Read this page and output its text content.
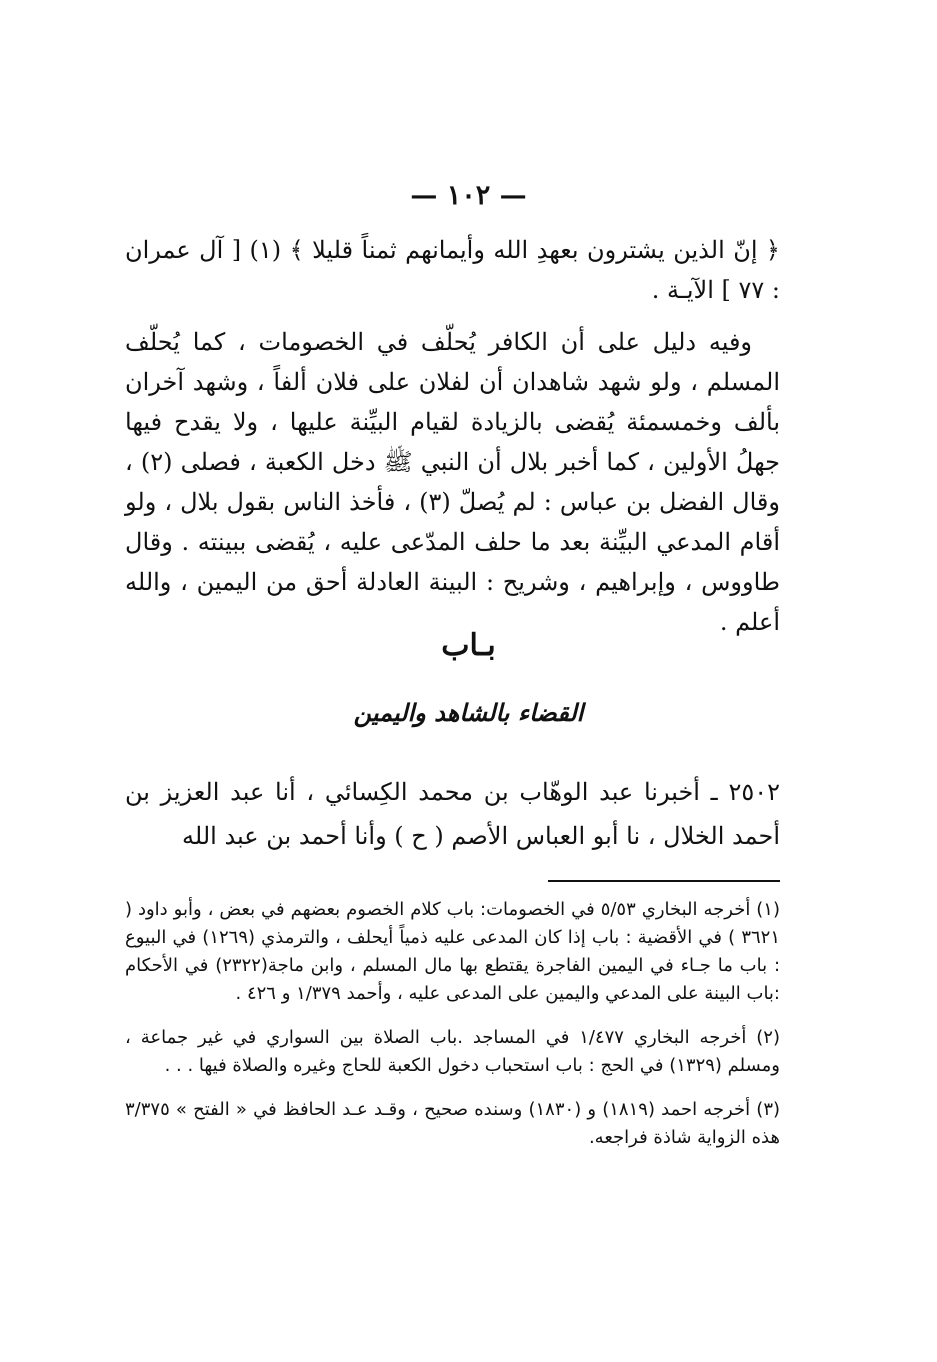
— ١٠٢ —

﴿ إنّ الذين يشترون بعهدِ الله وأيمانهم ثمناً قليلا ﴾ (١) [ آل عمران : ٧٧ ] الآيـة .

وفيه دليل على أن الكافر يُحلّف في الخصومات ، كما يُحلّف المسلم ، ولو شهد شاهدان أن لفلان على فلان ألفاً ، وشهد آخران بألف وخمسمئة يُقضى بالزيادة لقيام البيِّنة عليها ، ولا يقدح فيها جهلُ الأولين ، كما أخبر بلال أن النبي ﷺ دخل الكعبة ، فصلى (٢) ، وقال الفضل بن عباس : لم يُصلّ (٣) ، فأخذ الناس بقول بلال ، ولو أقام المدعي البيِّنة بعد ما حلف المدّعى عليه ، يُقضى ببينته . وقال طاووس ، وإبراهيم ، وشريح : البينة العادلة أحق من اليمين ، والله أعلم .

بـاب
القضاء بالشاهد واليمين

٢٥٠٢ ـ أخبرنا عبد الوهّاب بن محمد الكِسائي ، أنا عبد العزيز بن أحمد الخلال ، نا أبو العباس الأصم ( ح ) وأنا أحمد بن عبد الله

(١) أخرجه البخاري ٥/٥٣ في الخصومات: باب كلام الخصوم بعضهم في بعض ، وأبو داود ( ٣٦٢١ ) في الأقضية : باب إذا كان المدعى عليه ذمياً أيحلف ، والترمذي (١٢٦٩) في البيوع : باب ما جـاء في اليمين الفاجرة يقتطع بها مال المسلم ، وابن ماجة(٢٣٢٢) في الأحكام :باب البينة على المدعي واليمين على المدعى عليه ، وأحمد ١/٣٧٩ و ٤٢٦ .

(٢) أخرجه البخاري ١/٤٧٧ في المساجد .باب الصلاة بين السواري في غير جماعة ، ومسلم (١٣٢٩) في الحج : باب استحباب دخول الكعبة للحاج وغيره والصلاة فيها . . .

(٣) أخرجه احمد (١٨١٩) و (١٨٣٠) وسنده صحيح ، وقـد عـد الحافظ في « الفتح » ٣/٣٧٥ هذه الزواية شاذة فراجعه.
